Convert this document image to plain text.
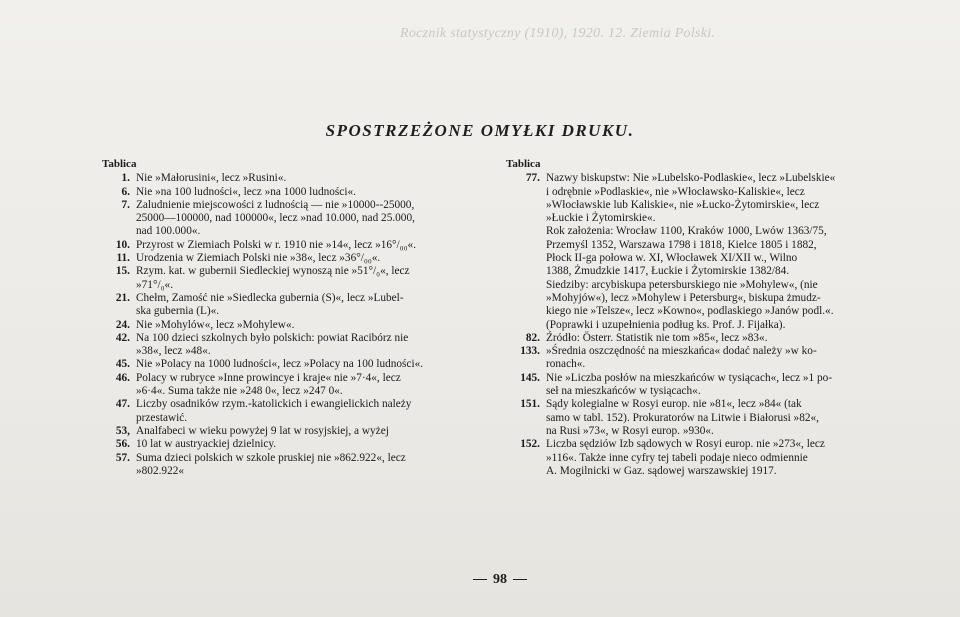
Rocznik statystyczny (1910), 1920. 12. Ziemia Polski.
SPOSTRZEŻONE OMYŁKI DRUKU.
Tablica
1. Nie »Małorusini«, lecz »Rusini«.
6. Nie »na 100 ludności«, lecz »na 1000 ludności«.
7. Zaludnienie miejscowości z ludnością — nie »10000--25000,
25000—100000, nad 100000«, lecz »nad 10.000, nad 25.000,
nad 100.000«.
10. Przyrost w Ziemiach Polski w r. 1910 nie »14«, lecz »16°/₀₀«.
11. Urodzenia w Ziemiach Polski nie »38«, lecz »36°/₀₀«.
15. Rzym. kat. w gubernii Siedleckiej wynoszą nie »51°/₀«, lecz
»71°/₀«.
21. Chełm, Zamość nie »Siedlecka gubernia (S)«, lecz »Lubel-
ska gubernia (L)«.
24. Nie »Mohylów«, lecz »Mohylew«.
42. Na 100 dzieci szkolnych było polskich: powiat Racibórz nie
»38«, lecz »48«.
45. Nie »Polacy na 1000 ludności«, lecz »Polacy na 100 ludności«.
46. Polacy w rubryce »Inne prowincye i kraje« nie »7·4«, lecz
»6·4«. Suma także nie »248 0«, lecz »247 0«.
47. Liczby osadników rzym.-katolickich i ewangielickich należy
przestawić.
53, 56.
Analfabeci w wieku powyżej 9 lat w rosyjskiej, a wyżej
10 lat w austryackiej dzielnicy.
57. Suma dzieci polskich w szkole pruskiej nie »862.922«, lecz
»802.922«
Tablica
77. Nazwy biskupstw: Nie »Lubelsko-Podlaskie«, lecz »Lubelskie«
i odrębnie »Podlaskie«, nie »Włocławsko-Kaliskie«, lecz
»Włocławskie lub Kaliskie«, nie »Łucko-Żytomirskie«, lecz
»Łuckie i Żytomirskie«.
Rok założenia: Wrocław 1100, Kraków 1000, Lwów 1363/75,
Przemyśl 1352, Warszawa 1798 i 1818, Kielce 1805 i 1882,
Płock II-ga połowa w. XI, Włocławek XI/XII w., Wilno
1388, Żmudzkie 1417, Łuckie i Żytomirskie 1382/84.
Siedziby: arcybiskupa petersburskiego nie »Mohylew«, (nie
»Mohyjów«), lecz »Mohylew i Petersburg«, biskupa żmudz-
kiego nie »Telsze«, lecz »Kowno«, podlaskiego »Janów podl.«.
(Poprawki i uzupełnienia podług ks. Prof. J. Fijałka).
82. Źródło: Österr. Statistik nie tom »85«, lecz »83«.
133. »Średnia oszczędność na mieszkańca« dodać należy »w ko-
ronach«.
145. Nie »Liczba posłów na mieszkańców w tysiącach«, lecz »1 po-
seł na mieszkańców w tysiącach«.
151. Sądy kolegialne w Rosyi europ. nie »81«, lecz »84« (tak
samo w tabl. 152). Prokuratorów na Litwie i Białorusi »82«,
na Rusi »73«, w Rosyi europ. »930«.
152. Liczba sędziów Izb sądowych w Rosyi europ. nie »273«, lecz
»116«. Także inne cyfry tej tabeli podaje nieco odmiennie
A. Mogilnicki w Gaz. sądowej warszawskiej 1917.
98
